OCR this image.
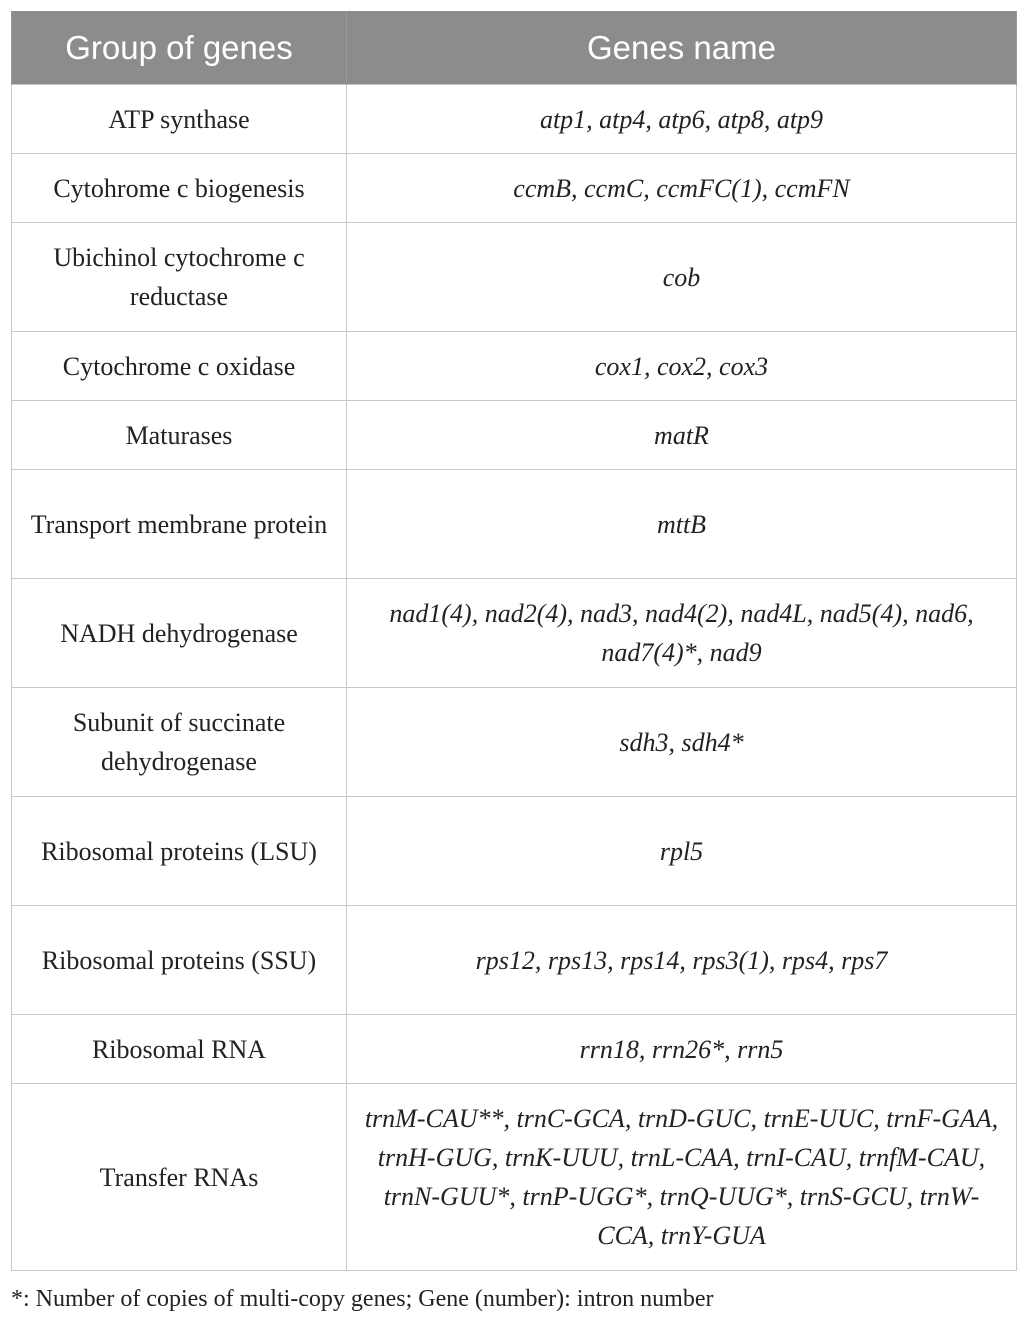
Group of genes	Genes name
ATP synthase	atp1, atp4, atp6, atp8, atp9
Cytohrome c biogenesis	ccmB, ccmC, ccmFC(1), ccmFN
Ubichinol cytochrome c reductase	cob
Cytochrome c oxidase	cox1, cox2, cox3
Maturases	matR
Transport membrane protein	mttB
NADH dehydrogenase	nad1(4), nad2(4), nad3, nad4(2), nad4L, nad5(4), nad6, nad7(4)*, nad9
Subunit of succinate dehydrogenase	sdh3, sdh4*
Ribosomal proteins (LSU)	rpl5
Ribosomal proteins (SSU)	rps12, rps13, rps14, rps3(1), rps4, rps7
Ribosomal RNA	rrn18, rrn26*, rrn5
Transfer RNAs	trnM-CAU**, trnC-GCA, trnD-GUC, trnE-UUC, trnF-GAA, trnH-GUG, trnK-UUU, trnL-CAA, trnI-CAU, trnfM-CAU, trnN-GUU*, trnP-UGG*, trnQ-UUG*, trnS-GCU, trnW-CCA, trnY-GUA
*: Number of copies of multi-copy genes; Gene (number): intron number
